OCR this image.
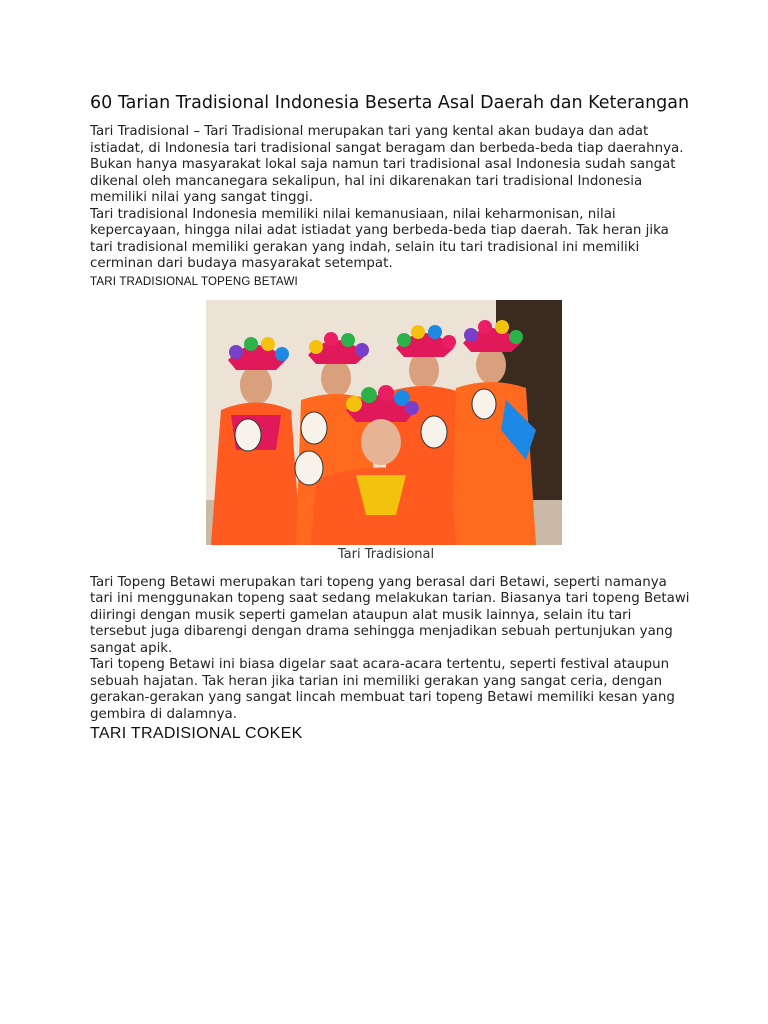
60 Tarian Tradisional Indonesia Beserta Asal Daerah dan Keterangan

Tari Tradisional – Tari Tradisional merupakan tari yang kental akan budaya dan adat istiadat, di Indonesia tari tradisional sangat beragam dan berbeda-beda tiap daerahnya. Bukan hanya masyarakat lokal saja namun tari tradisional asal Indonesia sudah sangat dikenal oleh mancanegara sekalipun, hal ini dikarenakan tari tradisional Indonesia memiliki nilai yang sangat tinggi.

Tari tradisional Indonesia memiliki nilai kemanusiaan, nilai keharmonisan, nilai kepercayaan, hingga nilai adat istiadat yang berbeda-beda tiap daerah. Tak heran jika tari tradisional memiliki gerakan yang indah, selain itu tari tradisional ini memiliki cerminan dari budaya masyarakat setempat.

TARI TRADISIONAL TOPENG BETAWI
Tari Tradisional

Tari Topeng Betawi merupakan tari topeng yang berasal dari Betawi, seperti namanya tari ini menggunakan topeng saat sedang melakukan tarian. Biasanya tari topeng Betawi diiringi dengan musik seperti gamelan ataupun alat musik lainnya, selain itu tari tersebut juga dibarengi dengan drama sehingga menjadikan sebuah pertunjukan yang sangat apik.

Tari topeng Betawi ini biasa digelar saat acara-acara tertentu, seperti festival ataupun sebuah hajatan. Tak heran jika tarian ini memiliki gerakan yang sangat ceria, dengan gerakan-gerakan yang sangat lincah membuat tari topeng Betawi memiliki kesan yang gembira di dalamnya.

TARI TRADISIONAL COKEK
